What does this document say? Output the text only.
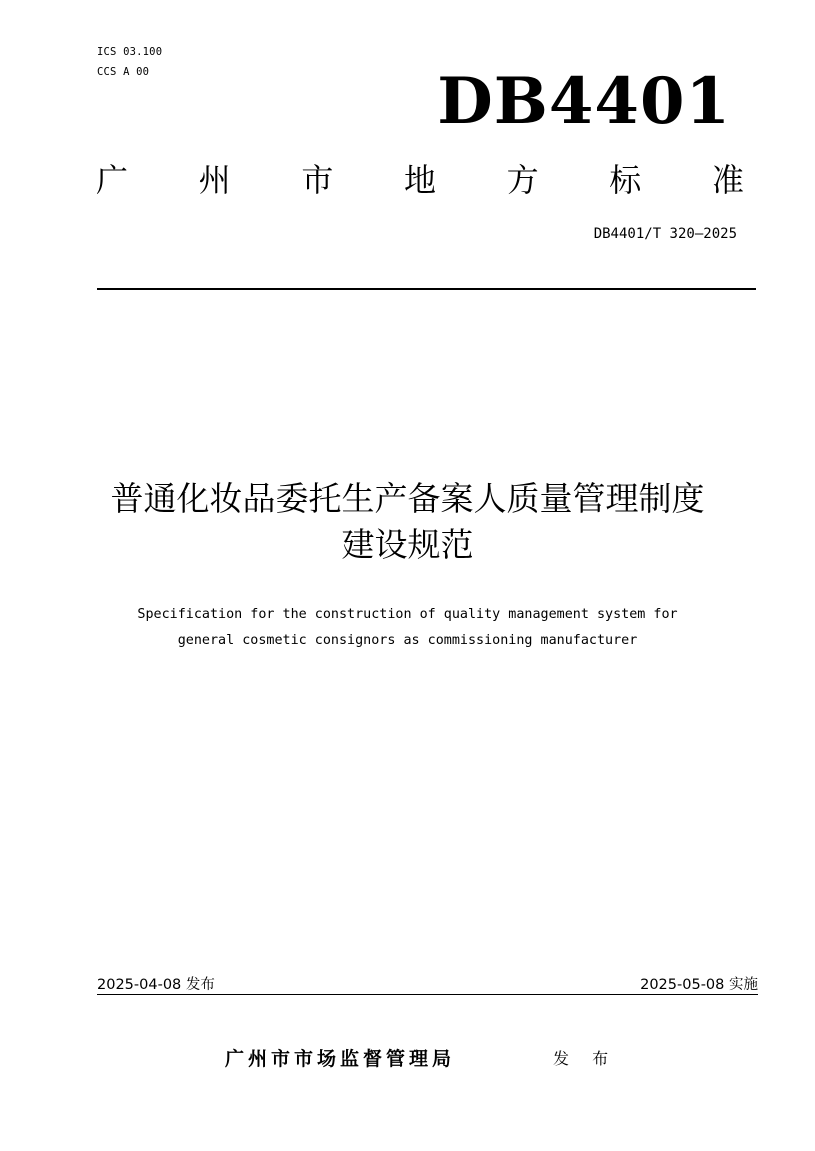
ICS 03.100
CCS A 00	DB4401
广 州 市 地 方 标 准
DB4401/T 320—2025
普通化妆品委托生产备案人质量管理制度
建设规范
Specification for the construction of quality management system for
general cosmetic consignors as commissioning manufacturer
2025-04-08 发布	2025-05-08 实施
广州市市场监督管理局	发 布
